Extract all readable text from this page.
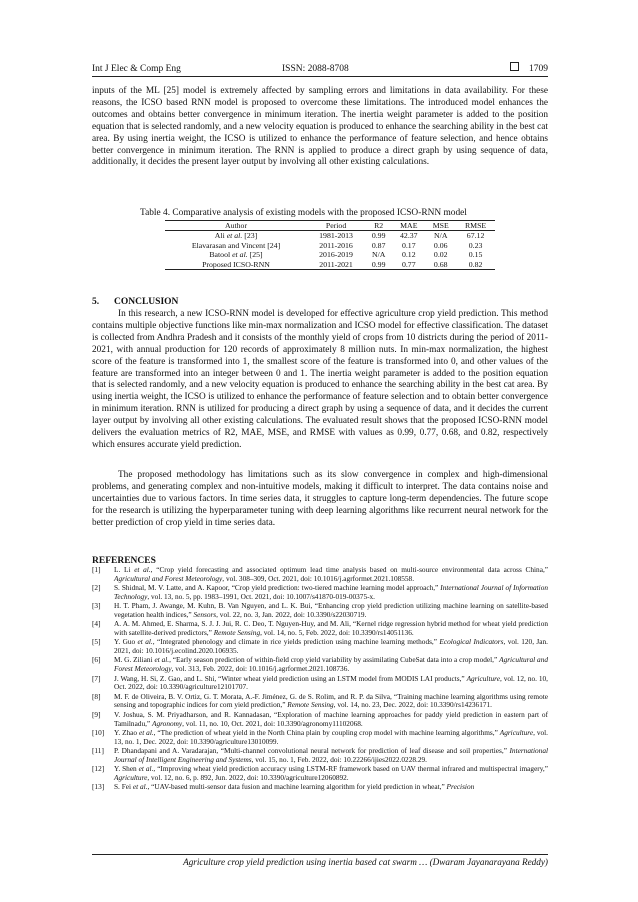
Int J Elec & Comp Eng	ISSN: 2088-8708	1709

inputs of the ML [25] model is extremely affected by sampling errors and limitations in data availability. For these reasons, the ICSO based RNN model is proposed to overcome these limitations. The introduced model enhances the outcomes and obtains better convergence in minimum iteration. The inertia weight parameter is added to the position equation that is selected randomly, and a new velocity equation is produced to enhance the searching ability in the best cat area. By using inertia weight, the ICSO is utilized to enhance the performance of feature selection, and hence obtains better convergence in minimum iteration. The RNN is applied to produce a direct graph by using sequence of data, additionally, it decides the present layer output by involving all other existing calculations.

Table 4. Comparative analysis of existing models with the proposed ICSO-RNN model
Author	Period	R2	MAE	MSE	RMSE
Ali et al. [23]	1981-2013	0.99	42.37	N/A	67.12
Elavarasan and Vincent [24]	2011-2016	0.87	0.17	0.06	0.23
Batool et al. [25]	2016-2019	N/A	0.12	0.02	0.15
Proposed ICSO-RNN	2011-2021	0.99	0.77	0.68	0.82
5. CONCLUSION

In this research, a new ICSO-RNN model is developed for effective agriculture crop yield prediction. This method contains multiple objective functions like min-max normalization and ICSO model for effective classification. The dataset is collected from Andhra Pradesh and it consists of the monthly yield of crops from 10 districts during the period of 2011-2021, with annual production for 120 records of approximately 8 million nuts. In min-max normalization, the highest score of the feature is transformed into 1, the smallest score of the feature is transformed into 0, and other values of the feature are transformed into an integer between 0 and 1. The inertia weight parameter is added to the position equation that is selected randomly, and a new velocity equation is produced to enhance the searching ability in the best cat area. By using inertia weight, the ICSO is utilized to enhance the performance of feature selection and to obtain better convergence in minimum iteration. RNN is utilized for producing a direct graph by using a sequence of data, and it decides the current layer output by involving all other existing calculations. The evaluated result shows that the proposed ICSO-RNN model delivers the evaluation metrics of R2, MAE, MSE, and RMSE with values as 0.99, 0.77, 0.68, and 0.82, respectively which ensures accurate yield prediction.

The proposed methodology has limitations such as its slow convergence in complex and high-dimensional problems, and generating complex and non-intuitive models, making it difficult to interpret. The data contains noise and uncertainties due to various factors. In time series data, it struggles to capture long-term dependencies. The future scope for the research is utilizing the hyperparameter tuning with deep learning algorithms like recurrent neural network for the better prediction of crop yield in time series data.

REFERENCES

[1] L. Li et al., “Crop yield forecasting and associated optimum lead time analysis based on multi-source environmental data across China,” Agricultural and Forest Meteorology, vol. 308–309, Oct. 2021, doi: 10.1016/j.agrformet.2021.108558.

[2] S. Shidnal, M. V. Latte, and A. Kapoor, “Crop yield prediction: two-tiered machine learning model approach,” International Journal of Information Technology, vol. 13, no. 5, pp. 1983–1991, Oct. 2021, doi: 10.1007/s41870-019-00375-x.

[3] H. T. Pham, J. Awange, M. Kuhn, B. Van Nguyen, and L. K. Bui, “Enhancing crop yield prediction utilizing machine learning on satellite-based vegetation health indices,” Sensors, vol. 22, no. 3, Jan. 2022, doi: 10.3390/s22030719.

[4] A. A. M. Ahmed, E. Sharma, S. J. J. Jui, R. C. Deo, T. Nguyen-Huy, and M. Ali, “Kernel ridge regression hybrid method for wheat yield prediction with satellite-derived predictors,” Remote Sensing, vol. 14, no. 5, Feb. 2022, doi: 10.3390/rs14051136.

[5] Y. Guo et al., “Integrated phenology and climate in rice yields prediction using machine learning methods,” Ecological Indicators, vol. 120, Jan. 2021, doi: 10.1016/j.ecolind.2020.106935.

[6] M. G. Ziliani et al., “Early season prediction of within-field crop yield variability by assimilating CubeSat data into a crop model,” Agricultural and Forest Meteorology, vol. 313, Feb. 2022, doi: 10.1016/j.agrformet.2021.108736.

[7] J. Wang, H. Si, Z. Gao, and L. Shi, “Winter wheat yield prediction using an LSTM model from MODIS LAI products,” Agriculture, vol. 12, no. 10, Oct. 2022, doi: 10.3390/agriculture12101707.

[8] M. F. de Oliveira, B. V. Ortiz, G. T. Morata, A.-F. Jiménez, G. de S. Rolim, and R. P. da Silva, “Training machine learning algorithms using remote sensing and topographic indices for corn yield prediction,” Remote Sensing, vol. 14, no. 23, Dec. 2022, doi: 10.3390/rs14236171.

[9] V. Joshua, S. M. Priyadharson, and R. Kannadasan, “Exploration of machine learning approaches for paddy yield prediction in eastern part of Tamilnadu,” Agronomy, vol. 11, no. 10, Oct. 2021, doi: 10.3390/agronomy11102068.

[10] Y. Zhao et al., “The prediction of wheat yield in the North China plain by coupling crop model with machine learning algorithms,” Agriculture, vol. 13, no. 1, Dec. 2022, doi: 10.3390/agriculture13010099.

[11] P. Dhandapani and A. Varadarajan, “Multi-channel convolutional neural network for prediction of leaf disease and soil properties,” International Journal of Intelligent Engineering and Systems, vol. 15, no. 1, Feb. 2022, doi: 10.22266/ijies2022.0228.29.

[12] Y. Shen et al., “Improving wheat yield prediction accuracy using LSTM-RF framework based on UAV thermal infrared and multispectral imagery,” Agriculture, vol. 12, no. 6, p. 892, Jun. 2022, doi: 10.3390/agriculture12060892.

[13] S. Fei et al., “UAV-based multi-sensor data fusion and machine learning algorithm for yield prediction in wheat,” Precision

Agriculture crop yield prediction using inertia based cat swarm … (Dwaram Jayanarayana Reddy)
